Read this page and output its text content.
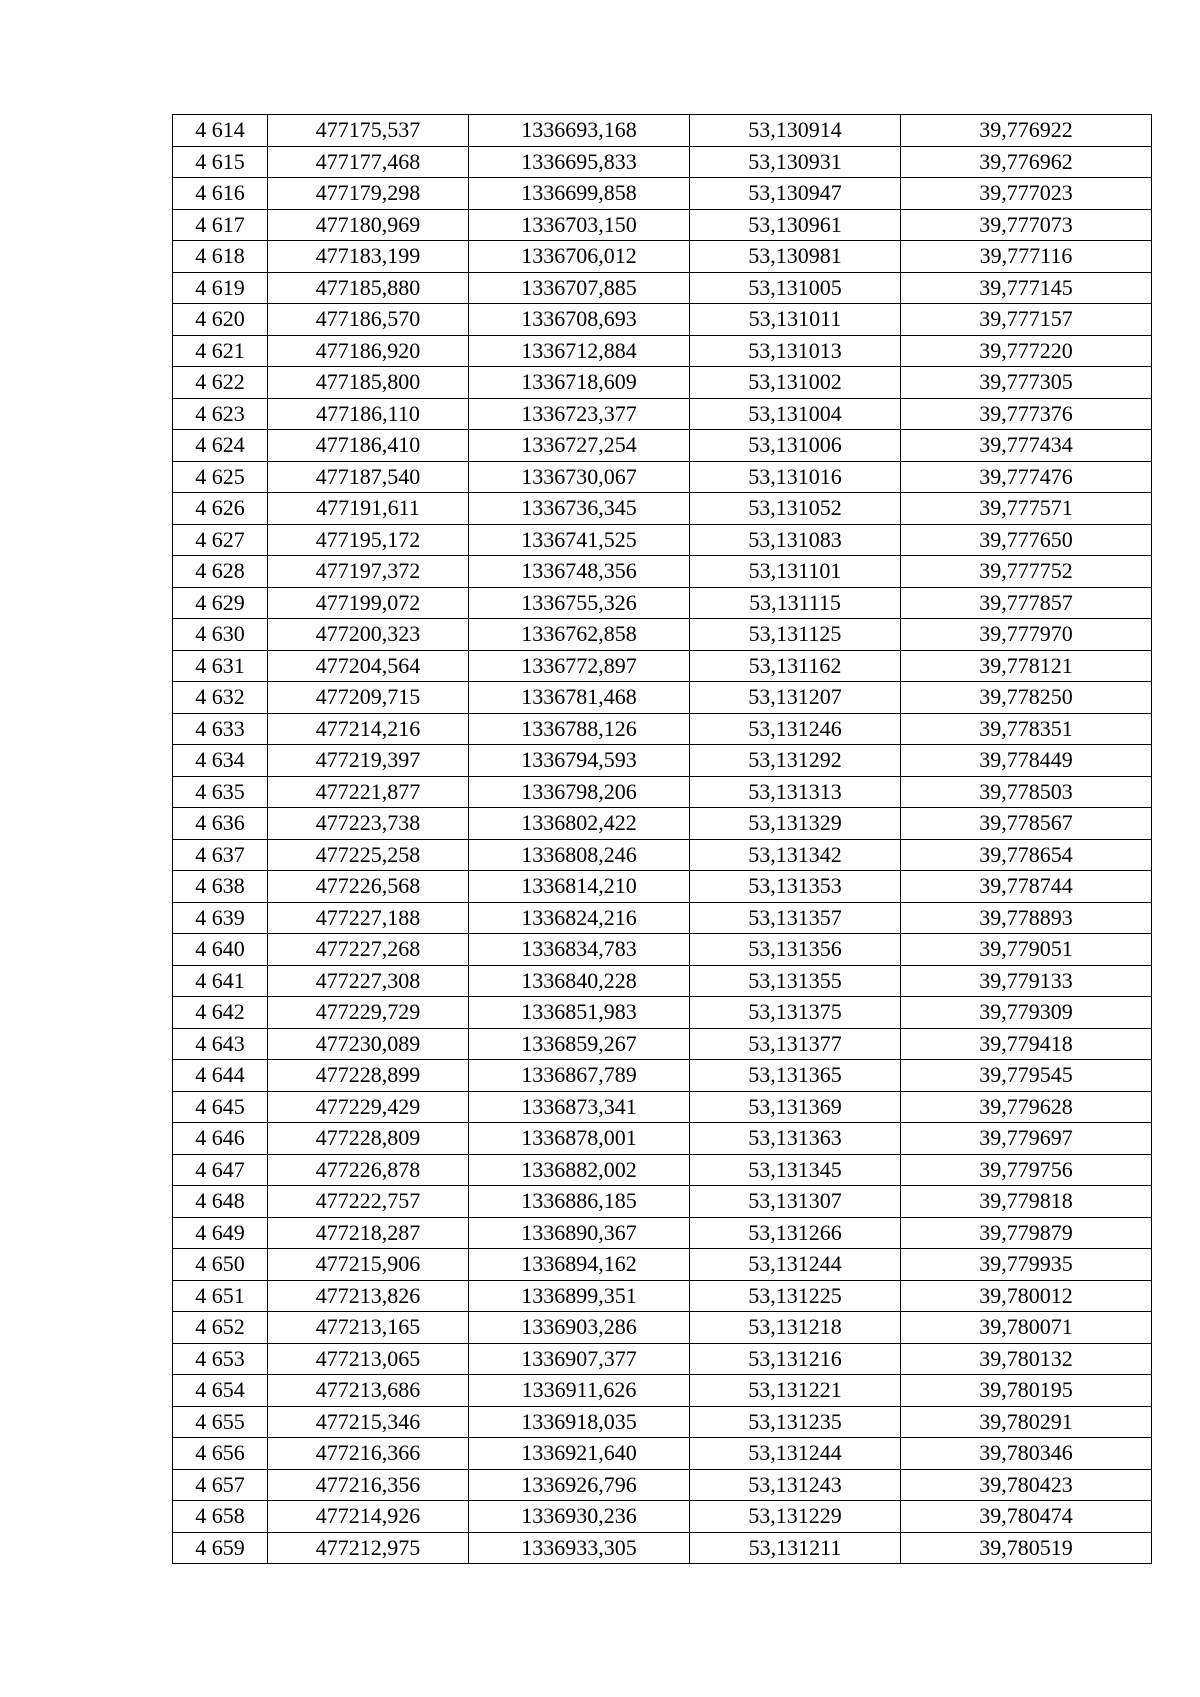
4 614	477175,537	1336693,168	53,130914	39,776922
4 615	477177,468	1336695,833	53,130931	39,776962
4 616	477179,298	1336699,858	53,130947	39,777023
4 617	477180,969	1336703,150	53,130961	39,777073
4 618	477183,199	1336706,012	53,130981	39,777116
4 619	477185,880	1336707,885	53,131005	39,777145
4 620	477186,570	1336708,693	53,131011	39,777157
4 621	477186,920	1336712,884	53,131013	39,777220
4 622	477185,800	1336718,609	53,131002	39,777305
4 623	477186,110	1336723,377	53,131004	39,777376
4 624	477186,410	1336727,254	53,131006	39,777434
4 625	477187,540	1336730,067	53,131016	39,777476
4 626	477191,611	1336736,345	53,131052	39,777571
4 627	477195,172	1336741,525	53,131083	39,777650
4 628	477197,372	1336748,356	53,131101	39,777752
4 629	477199,072	1336755,326	53,131115	39,777857
4 630	477200,323	1336762,858	53,131125	39,777970
4 631	477204,564	1336772,897	53,131162	39,778121
4 632	477209,715	1336781,468	53,131207	39,778250
4 633	477214,216	1336788,126	53,131246	39,778351
4 634	477219,397	1336794,593	53,131292	39,778449
4 635	477221,877	1336798,206	53,131313	39,778503
4 636	477223,738	1336802,422	53,131329	39,778567
4 637	477225,258	1336808,246	53,131342	39,778654
4 638	477226,568	1336814,210	53,131353	39,778744
4 639	477227,188	1336824,216	53,131357	39,778893
4 640	477227,268	1336834,783	53,131356	39,779051
4 641	477227,308	1336840,228	53,131355	39,779133
4 642	477229,729	1336851,983	53,131375	39,779309
4 643	477230,089	1336859,267	53,131377	39,779418
4 644	477228,899	1336867,789	53,131365	39,779545
4 645	477229,429	1336873,341	53,131369	39,779628
4 646	477228,809	1336878,001	53,131363	39,779697
4 647	477226,878	1336882,002	53,131345	39,779756
4 648	477222,757	1336886,185	53,131307	39,779818
4 649	477218,287	1336890,367	53,131266	39,779879
4 650	477215,906	1336894,162	53,131244	39,779935
4 651	477213,826	1336899,351	53,131225	39,780012
4 652	477213,165	1336903,286	53,131218	39,780071
4 653	477213,065	1336907,377	53,131216	39,780132
4 654	477213,686	1336911,626	53,131221	39,780195
4 655	477215,346	1336918,035	53,131235	39,780291
4 656	477216,366	1336921,640	53,131244	39,780346
4 657	477216,356	1336926,796	53,131243	39,780423
4 658	477214,926	1336930,236	53,131229	39,780474
4 659	477212,975	1336933,305	53,131211	39,780519
